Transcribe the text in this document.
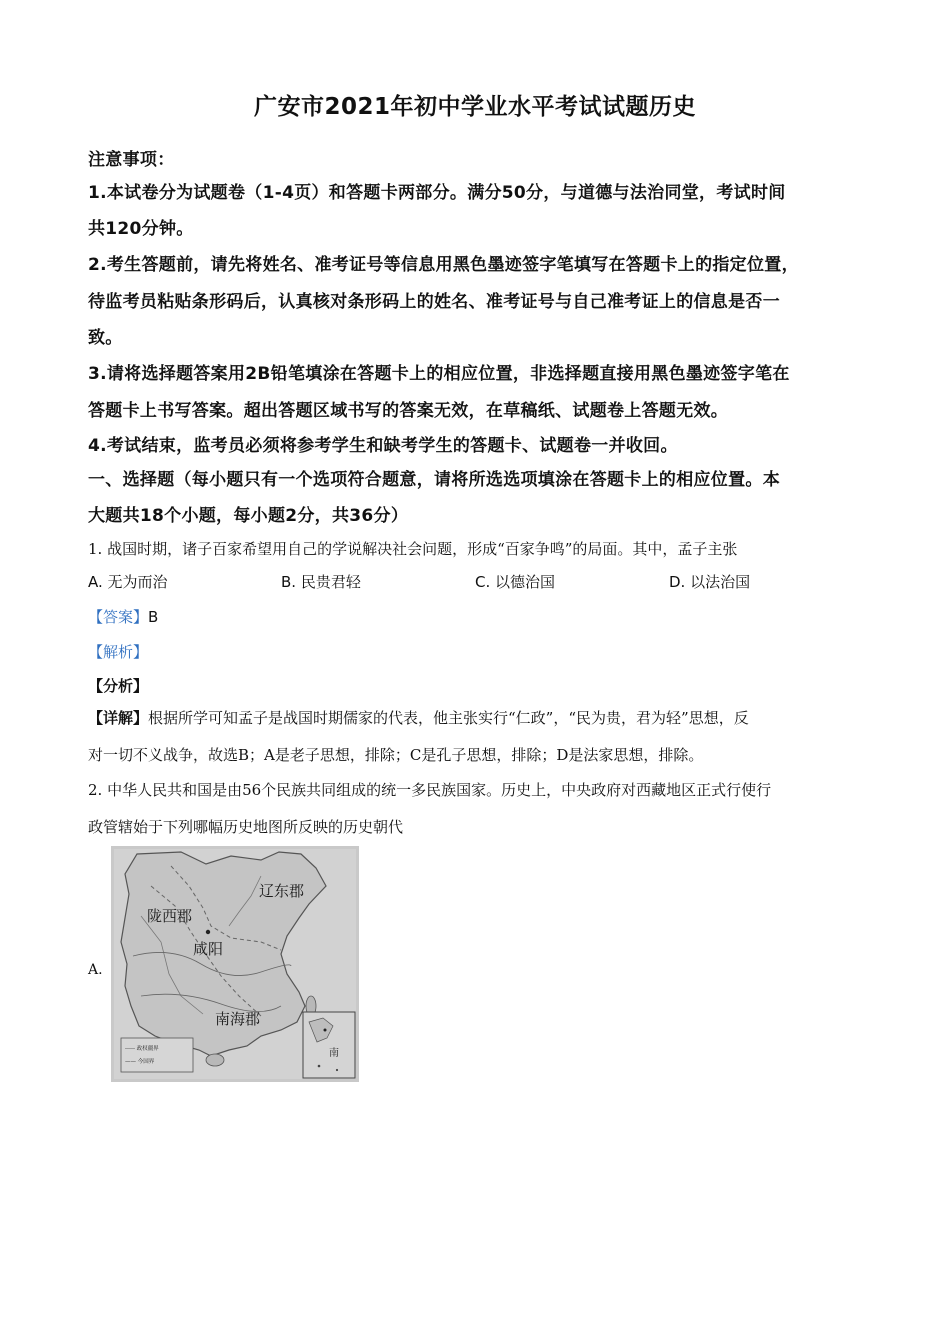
广安市2021年初中学业水平考试试题历史
注意事项：
1.本试卷分为试题卷（1-4页）和答题卡两部分。满分50分，与道德与法治同堂，考试时间
共120分钟。
2.考生答题前，请先将姓名、准考证号等信息用黑色墨迹签字笔填写在答题卡上的指定位置，
待监考员粘贴条形码后，认真核对条形码上的姓名、准考证号与自己准考证上的信息是否一
致。
3.请将选择题答案用2B铅笔填涂在答题卡上的相应位置，非选择题直接用黑色墨迹签字笔在
答题卡上书写答案。超出答题区域书写的答案无效，在草稿纸、试题卷上答题无效。
4.考试结束，监考员必须将参考学生和缺考学生的答题卡、试题卷一并收回。
一、选择题（每小题只有一个选项符合题意，请将所选选项填涂在答题卡上的相应位置。本
大题共18个小题，每小题2分，共36分）
1. 战国时期，诸子百家希望用自己的学说解决社会问题，形成“百家争鸣”的局面。其中，孟子主张
A. 无为而治	B. 民贵君轻	C. 以德治国	D. 以法治国
【答案】B
【解析】
【分析】
【详解】根据所学可知孟子是战国时期儒家的代表，他主张实行“仁政”，“民为贵，君为轻”思想，反
对一切不义战争，故选B；A是老子思想，排除；C是孔子思想，排除；D是法家思想，排除。
2. 中华人民共和国是由56个民族共同组成的统一多民族国家。历史上，中央政府对西藏地区正式行使行
政管辖始于下列哪幅历史地图所反映的历史朝代
A.
辽东郡
陇西郡
咸阳
南海郡
----- 政权疆界
—— 今国界
南
